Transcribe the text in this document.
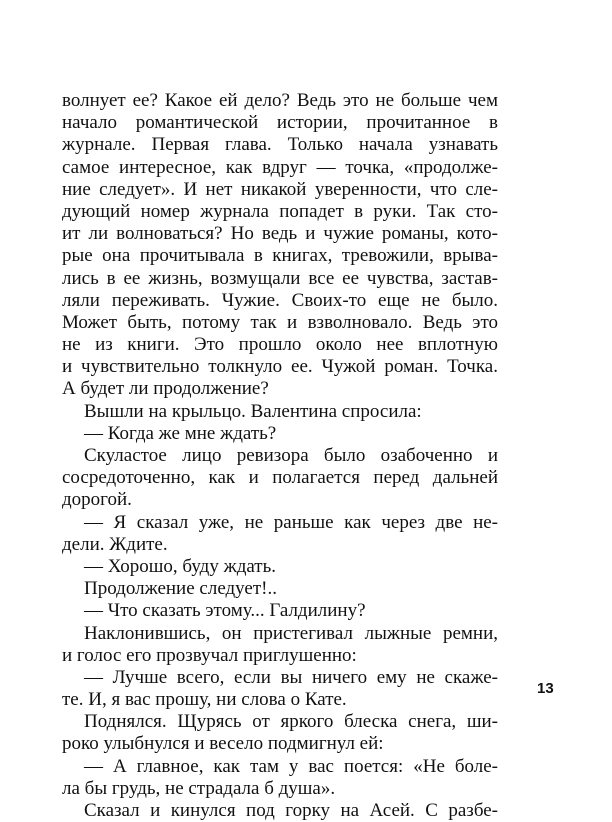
волнует ее? Какое ей дело? Ведь это не больше чем
начало романтической истории, прочитанное в
журнале. Первая глава. Только начала узнавать
самое интересное, как вдруг — точка, «продолже-
ние следует». И нет никакой уверенности, что сле-
дующий номер журнала попадет в руки. Так сто-
ит ли волноваться? Но ведь и чужие романы, кото-
рые она прочитывала в книгах, тревожили, врыва-
лись в ее жизнь, возмущали все ее чувства, застав-
ляли переживать. Чужие. Своих-то еще не было.
Может быть, потому так и взволновало. Ведь это
не из книги. Это прошло около нее вплотную
и чувствительно толкнуло ее. Чужой роман. Точка.
А будет ли продолжение?
Вышли на крыльцо. Валентина спросила:
— Когда же мне ждать?
Скуластое лицо ревизора было озабоченно и
сосредоточенно, как и полагается перед дальней
дорогой.
— Я сказал уже, не раньше как через две не-
дели. Ждите.
— Хорошо, буду ждать.
Продолжение следует!..
— Что сказать этому... Галдилину?
Наклонившись, он пристегивал лыжные ремни,
и голос его прозвучал приглушенно:
— Лучше всего, если вы ничего ему не скаже-
те. И, я вас прошу, ни слова о Кате.
Поднялся. Щурясь от яркого блеска снега, ши-
роко улыбнулся и весело подмигнул ей:
— А главное, как там у вас поется: «Не боле-
ла бы грудь, не страдала б душа».
Сказал и кинулся под горку на Асей. С разбе-
13
